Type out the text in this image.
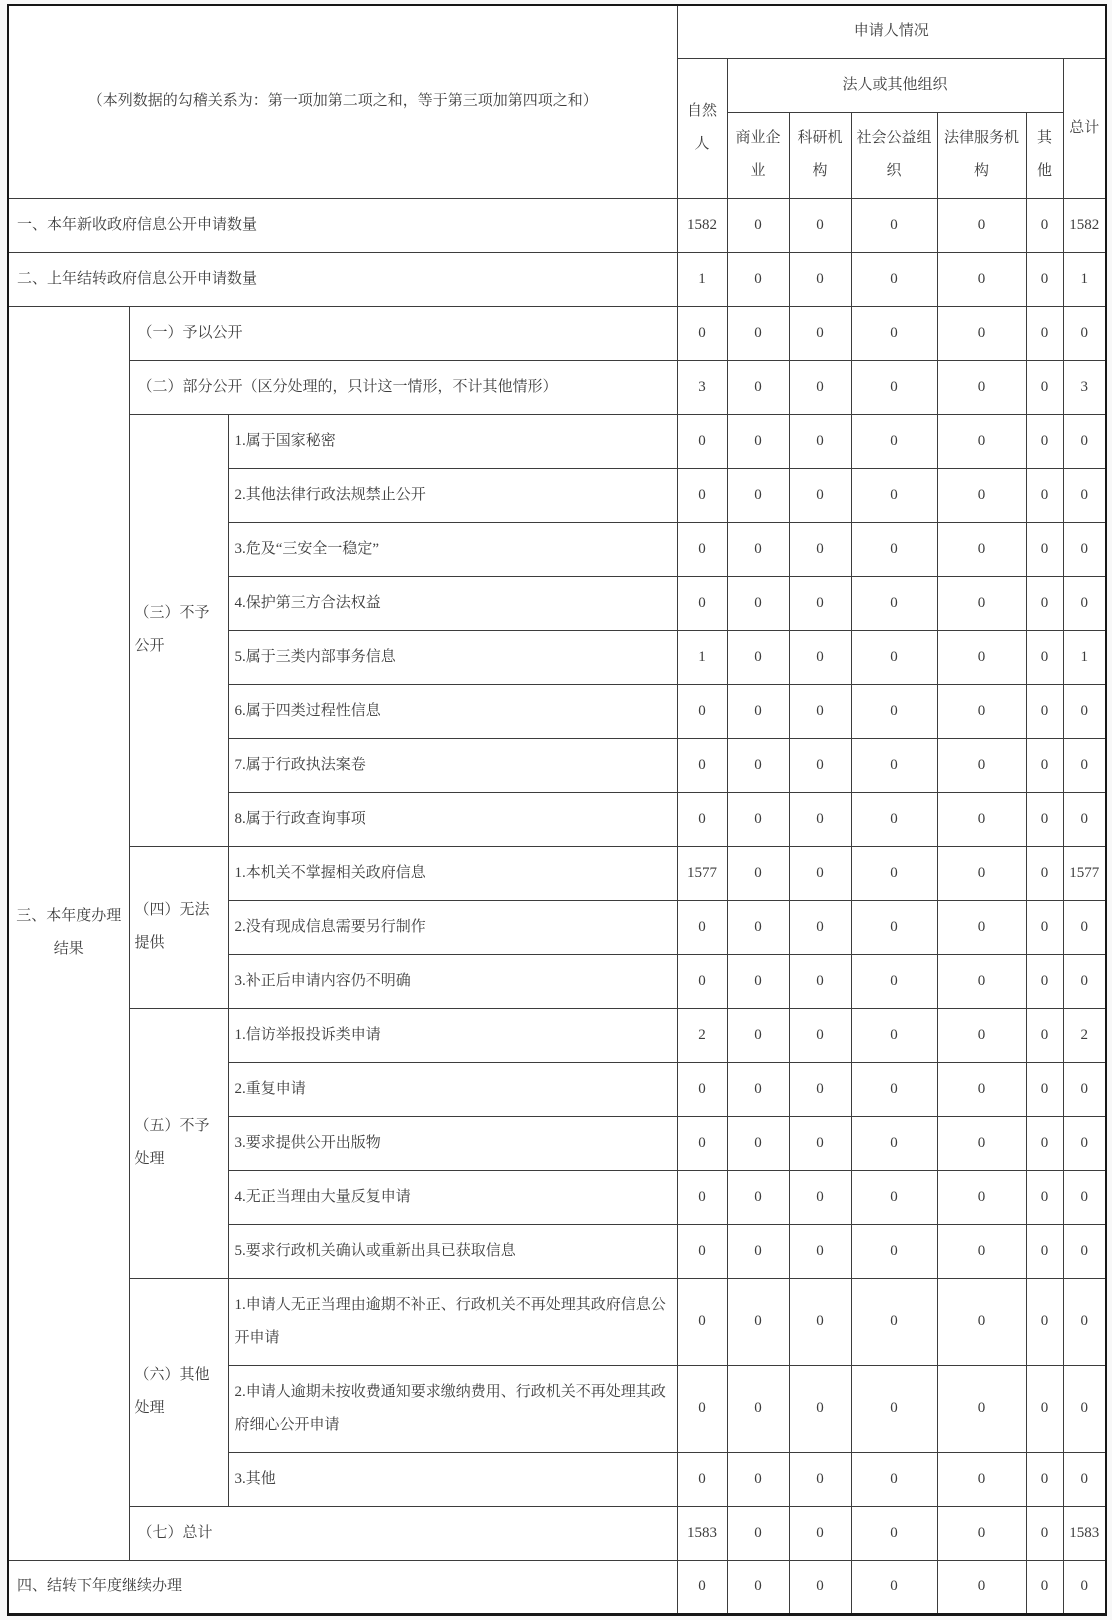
（本列数据的勾稽关系为：第一项加第二项之和，等于第三项加第四项之和）			申请人情况						
			自然人	法人或其他组织					总计
				商业企业	科研机构	社会公益组织	法律服务机构	其他	
一、本年新收政府信息公开申请数量			1582	0	0	0	0	0	1582
二、上年结转政府信息公开申请数量			1	0	0	0	0	0	1
三、本年度办理结果	（一）予以公开		0	0	0	0	0	0	0
	（二）部分公开（区分处理的，只计这一情形，不计其他情形）		3	0	0	0	0	0	3
	（三）不予公开	1.属于国家秘密	0	0	0	0	0	0	0
		2.其他法律行政法规禁止公开	0	0	0	0	0	0	0
		3.危及“三安全一稳定”	0	0	0	0	0	0	0
		4.保护第三方合法权益	0	0	0	0	0	0	0
		5.属于三类内部事务信息	1	0	0	0	0	0	1
		6.属于四类过程性信息	0	0	0	0	0	0	0
		7.属于行政执法案卷	0	0	0	0	0	0	0
		8.属于行政查询事项	0	0	0	0	0	0	0
	（四）无法提供	1.本机关不掌握相关政府信息	1577	0	0	0	0	0	1577
		2.没有现成信息需要另行制作	0	0	0	0	0	0	0
		3.补正后申请内容仍不明确	0	0	0	0	0	0	0
	（五）不予处理	1.信访举报投诉类申请	2	0	0	0	0	0	2
		2.重复申请	0	0	0	0	0	0	0
		3.要求提供公开出版物	0	0	0	0	0	0	0
		4.无正当理由大量反复申请	0	0	0	0	0	0	0
		5.要求行政机关确认或重新出具已获取信息	0	0	0	0	0	0	0
	（六）其他处理	1.申请人无正当理由逾期不补正、行政机关不再处理其政府信息公开申请	0	0	0	0	0	0	0
		2.申请人逾期未按收费通知要求缴纳费用、行政机关不再处理其政府细心公开申请	0	0	0	0	0	0	0
		3.其他	0	0	0	0	0	0	0
	（七）总计		1583	0	0	0	0	0	1583
四、结转下年度继续办理			0	0	0	0	0	0	0
